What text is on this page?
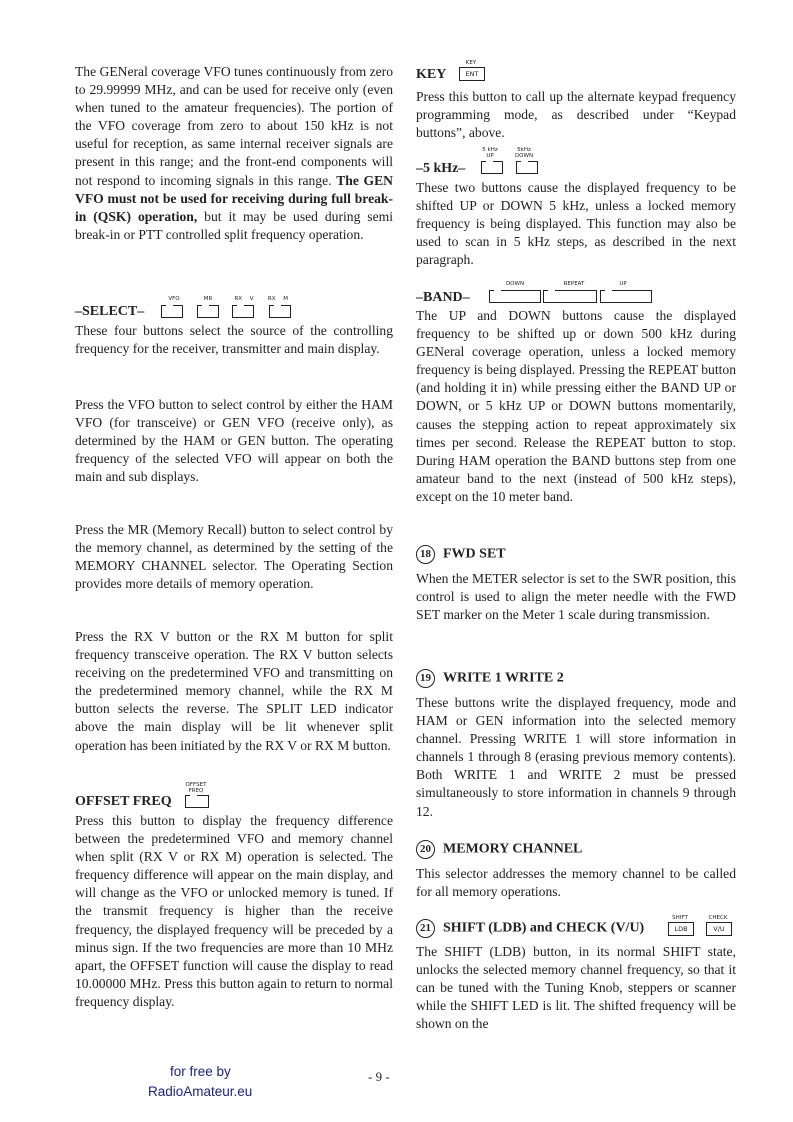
The GENeral coverage VFO tunes continuously from zero to 29.99999 MHz, and can be used for receive only (even when tuned to the amateur frequencies). The portion of the VFO coverage from zero to about 150 kHz is not useful for reception, as same internal receiver signals are present in this range; and the front-end components will not respond to incoming signals in this range. The GEN VFO must not be used for receiving during full break-in (QSK) operation, but it may be used during semi break-in or PTT controlled split frequency operation.

–SELECT–
VFO	MR	RX V	RX M

These four buttons select the source of the controlling frequency for the receiver, transmitter and main display.

Press the VFO button to select control by either the HAM VFO (for transceive) or GEN VFO (receive only), as determined by the HAM or GEN button. The operating frequency of the selected VFO will appear on both the main and sub displays.

Press the MR (Memory Recall) button to select control by the memory channel, as determined by the setting of the MEMORY CHANNEL selector. The Operating Section provides more details of memory operation.

Press the RX V button or the RX M button for split frequency transceive operation. The RX V button selects receiving on the predetermined VFO and transmitting on the predetermined memory channel, while the RX M button selects the reverse. The SPLIT LED indicator above the main display will be lit whenever split operation has been initiated by the RX V or RX M button.

OFFSET FREQ
OFFSET
FREQ

Press this button to display the frequency difference between the predetermined VFO and memory channel when split (RX V or RX M) operation is selected. The frequency difference will appear on the main display, and will change as the VFO or unlocked memory is tuned. If the transmit frequency is higher than the receive frequency, the displayed frequency will be preceded by a minus sign. If the two frequencies are more than 10 MHz apart, the OFFSET function will cause the display to read 10.00000 MHz. Press this button again to return to normal frequency display.

KEY
KEY
ENT

Press this button to call up the alternate keypad frequency programming mode, as described under “Keypad buttons”, above.

–5 kHz–
5 kHz UP
5kHz DOWN

These two buttons cause the displayed frequency to be shifted UP or DOWN 5 kHz, unless a locked memory frequency is being displayed. This function may also be used to scan in 5 kHz steps, as described in the next paragraph.

–BAND–
DOWN	REPEAT	UP

The UP and DOWN buttons cause the displayed frequency to be shifted up or down 500 kHz during GENeral coverage operation, unless a locked memory frequency is being displayed. Pressing the REPEAT button (and holding it in) while pressing either the BAND UP or DOWN, or 5 kHz UP or DOWN buttons momentarily, causes the stepping action to repeat approximately six times per second. Release the REPEAT button to stop. During HAM operation the BAND buttons step from one amateur band to the next (instead of 500 kHz steps), except on the 10 meter band.

18 FWD SET

When the METER selector is set to the SWR position, this control is used to align the meter needle with the FWD SET marker on the Meter 1 scale during transmission.

19 WRITE 1 WRITE 2

These buttons write the displayed frequency, mode and HAM or GEN information into the selected memory channel. Pressing WRITE 1 will store information in channels 1 through 8 (erasing previous memory contents). Both WRITE 1 and WRITE 2 must be pressed simultaneously to store information in channels 9 through 12.

20 MEMORY CHANNEL

This selector addresses the memory channel to be called for all memory operations.

21 SHIFT (LDB) and CHECK (V/U)
SHIFT
LDB
CHECK
V/U

The SHIFT (LDB) button, in its normal SHIFT state, unlocks the selected memory channel frequency, so that it can be tuned with the Tuning Knob, steppers or scanner while the SHIFT LED is lit. The shifted frequency will be shown on the

for free by
RadioAmateur.eu
- 9 -
